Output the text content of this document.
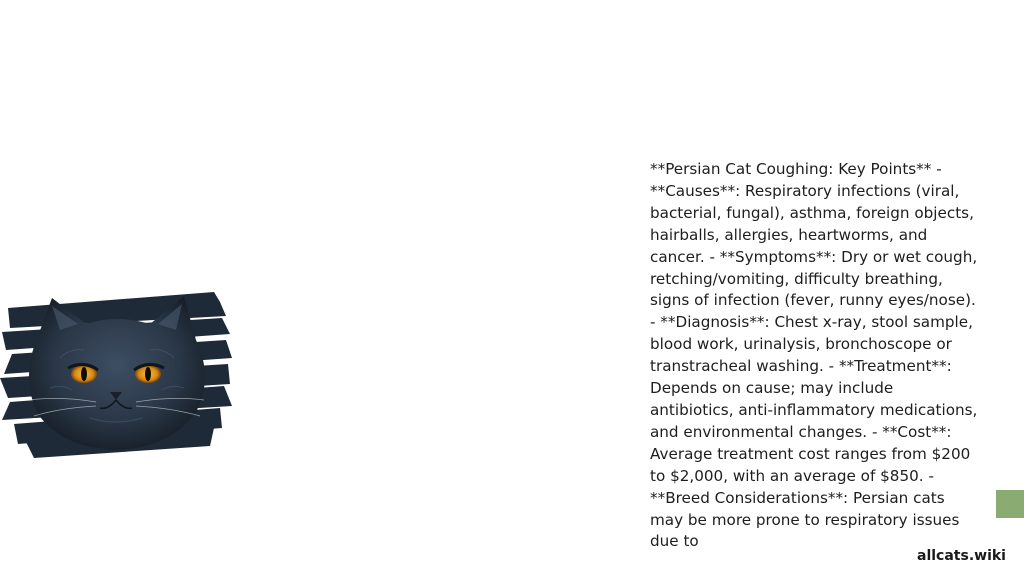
**Persian Cat Coughing: Key Points** - **Causes**: Respiratory infections (viral, bacterial, fungal), asthma, foreign objects, hairballs, allergies, heartworms, and cancer. - **Symptoms**: Dry or wet cough, retching/vomiting, difficulty breathing, signs of infection (fever, runny eyes/nose). - **Diagnosis**: Chest x-ray, stool sample, blood work, urinalysis, bronchoscope or transtracheal washing. - **Treatment**: Depends on cause; may include antibiotics, anti-inflammatory medications, and environmental changes. - **Cost**: Average treatment cost ranges from $200 to $2,000, with an average of $850. - **Breed Considerations**: Persian cats may be more prone to respiratory issues due to

allcats.wiki
